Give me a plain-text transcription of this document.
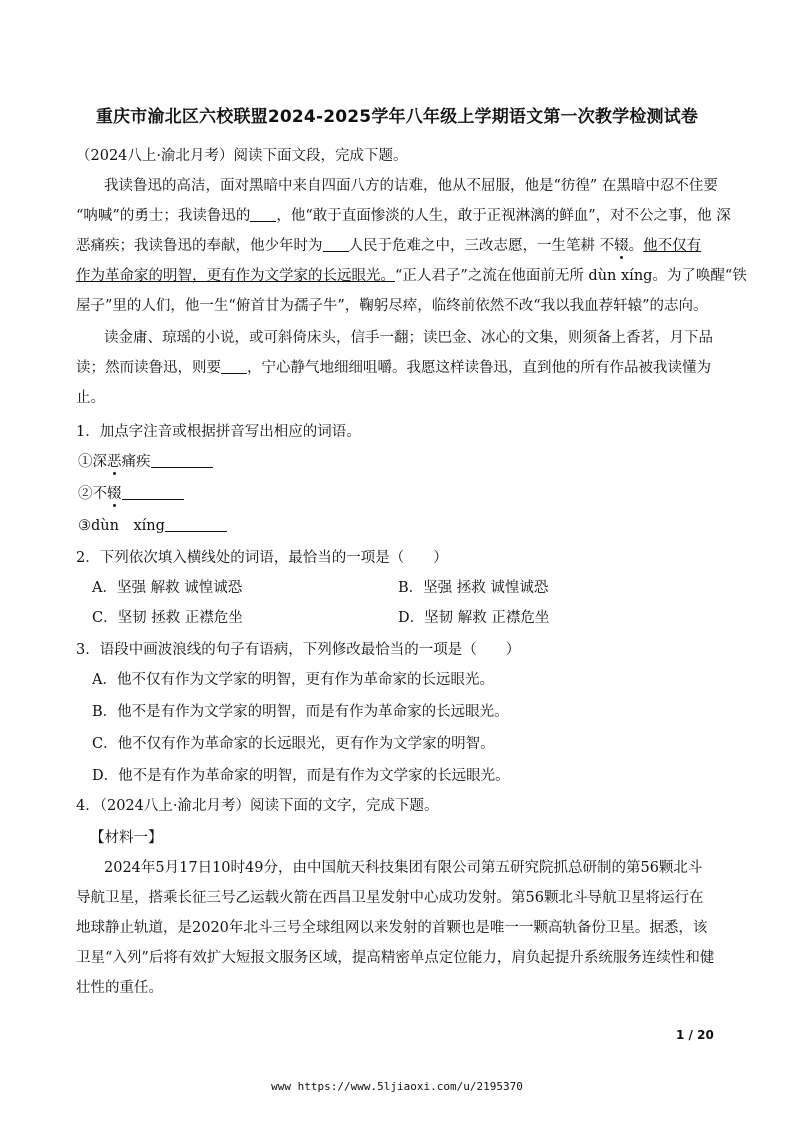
重庆市渝北区六校联盟2024-2025学年八年级上学期语文第一次教学检测试卷
（2024八上·渝北月考）阅读下面文段，完成下题。
我读鲁迅的高洁，面对黑暗中来自四面八方的诘难，他从不屈服，他是“彷徨” 在黑暗中忍不住要
“呐喊”的勇士；我读鲁迅的 ，他“敢于直面惨淡的人生，敢于正视淋漓的鲜血”，对不公之事，他 深
恶痛疾；我读鲁迅的奉献，他少年时为 人民于危难之中，三改志愿，一生笔耕 不辍。他不仅有
作为革命家的明智，更有作为文学家的长远眼光。“正人君子”之流在他面前无所 dùn xíng。为了唤醒“铁
屋子”里的人们，他一生“俯首甘为孺子牛”，鞠躬尽瘁，临终前依然不改“我以我血荐轩辕”的志向。
读金庸、琼瑶的小说，或可斜倚床头，信手一翻；读巴金、冰心的文集，则须备上香茗，月下品
读；然而读鲁迅，则要 ，宁心静气地细细咀嚼。我愿这样读鲁迅，直到他的所有作品被我读懂为
止。
1．加点字注音或根据拼音写出相应的词语。
①深恶痛疾
②不辍
③dùn　xíng
2．下列依次填入横线处的词语，最恰当的一项是（　　）
A．坚强 解救 诚惶诚恐	B．坚强 拯救 诚惶诚恐
C．坚韧 拯救 正襟危坐	D．坚韧 解救 正襟危坐
3．语段中画波浪线的句子有语病，下列修改最恰当的一项是（　　）
A．他不仅有作为文学家的明智，更有作为革命家的长远眼光。
B．他不是有作为文学家的明智，而是有作为革命家的长远眼光。
C．他不仅有作为革命家的长远眼光，更有作为文学家的明智。
D．他不是有作为革命家的明智，而是有作为文学家的长远眼光。
4．（2024八上·渝北月考）阅读下面的文字，完成下题。
【材料一】
2024年5月17日10时49分，由中国航天科技集团有限公司第五研究院抓总研制的第56颗北斗
导航卫星，搭乘长征三号乙运载火箭在西昌卫星发射中心成功发射。第56颗北斗导航卫星将运行在
地球静止轨道，是2020年北斗三号全球组网以来发射的首颗也是唯一一颗高轨备份卫星。据悉，该
卫星“入列”后将有效扩大短报文服务区域，提高精密单点定位能力，肩负起提升系统服务连续性和健
壮性的重任。
1 / 20
www https://www.5ljiaoxi.com/u/2195370
